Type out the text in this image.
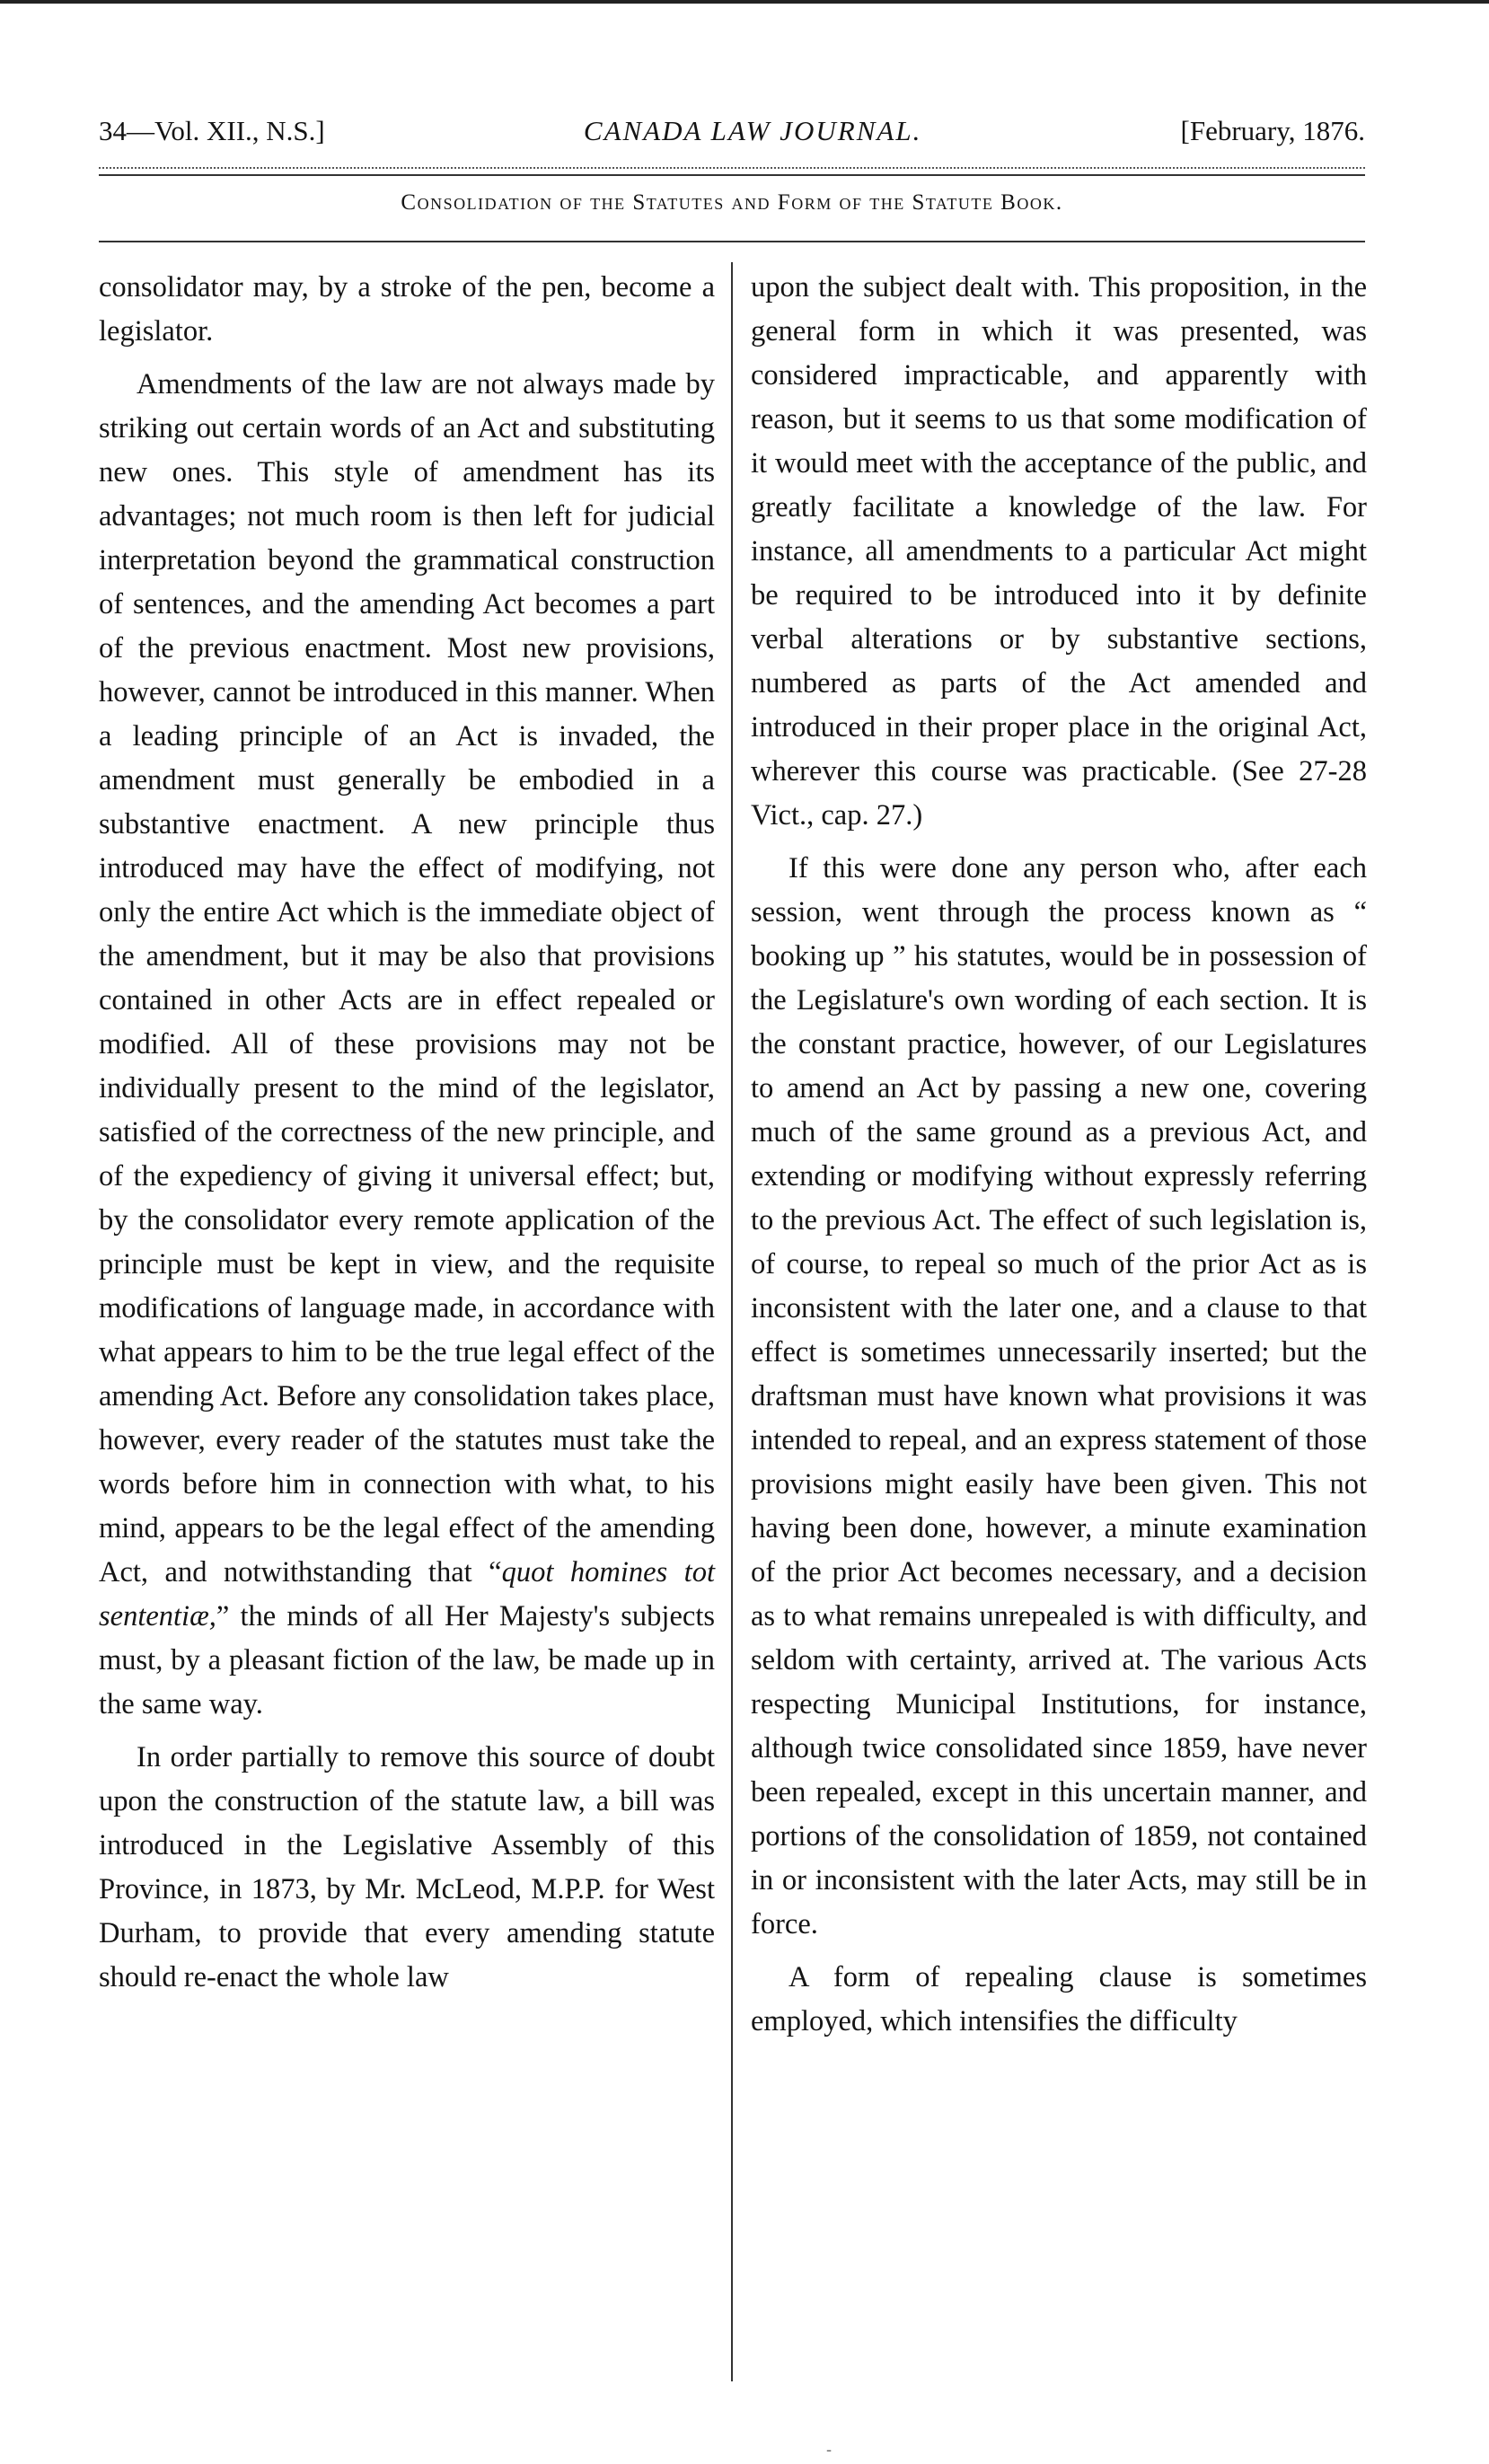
34—Vol. XII., N.S.]	CANADA LAW JOURNAL.	[February, 1876.
Consolidation of the Statutes and Form of the Statute Book.

consolidator may, by a stroke of the pen, become a legislator.

Amendments of the law are not always made by striking out certain words of an Act and substituting new ones. This style of amendment has its advantages; not much room is then left for judicial interpretation beyond the grammatical construction of sentences, and the amending Act becomes a part of the previous enactment. Most new provisions, however, cannot be introduced in this manner. When a leading principle of an Act is invaded, the amendment must generally be embodied in a substantive enactment. A new principle thus introduced may have the effect of modifying, not only the entire Act which is the immediate object of the amendment, but it may be also that provisions contained in other Acts are in effect repealed or modified. All of these provisions may not be individually present to the mind of the legislator, satisfied of the correctness of the new principle, and of the expediency of giving it universal effect; but, by the consolidator every remote application of the principle must be kept in view, and the requisite modifications of language made, in accordance with what appears to him to be the true legal effect of the amending Act. Before any consolidation takes place, however, every reader of the statutes must take the words before him in connection with what, to his mind, appears to be the legal effect of the amending Act, and notwithstanding that “quot homines tot sententiæ,” the minds of all Her Majesty's subjects must, by a pleasant fiction of the law, be made up in the same way.

In order partially to remove this source of doubt upon the construction of the statute law, a bill was introduced in the Legislative Assembly of this Province, in 1873, by Mr. McLeod, M.P.P. for West Durham, to provide that every amending statute should re-enact the whole law

upon the subject dealt with. This proposition, in the general form in which it was presented, was considered impracticable, and apparently with reason, but it seems to us that some modification of it would meet with the acceptance of the public, and greatly facilitate a knowledge of the law. For instance, all amendments to a particular Act might be required to be introduced into it by definite verbal alterations or by substantive sections, numbered as parts of the Act amended and introduced in their proper place in the original Act, wherever this course was practicable. (See 27-28 Vict., cap. 27.)

If this were done any person who, after each session, went through the process known as “ booking up ” his statutes, would be in possession of the Legislature's own wording of each section. It is the constant practice, however, of our Legislatures to amend an Act by passing a new one, covering much of the same ground as a previous Act, and extending or modifying without expressly referring to the previous Act. The effect of such legislation is, of course, to repeal so much of the prior Act as is inconsistent with the later one, and a clause to that effect is sometimes unnecessarily inserted; but the draftsman must have known what provisions it was intended to repeal, and an express statement of those provisions might easily have been given. This not having been done, however, a minute examination of the prior Act becomes necessary, and a decision as to what remains unrepealed is with difficulty, and seldom with certainty, arrived at. The various Acts respecting Municipal Institutions, for instance, although twice consolidated since 1859, have never been repealed, except in this uncertain manner, and portions of the consolidation of 1859, not contained in or inconsistent with the later Acts, may still be in force.

A form of repealing clause is sometimes employed, which intensifies the difficulty

-
